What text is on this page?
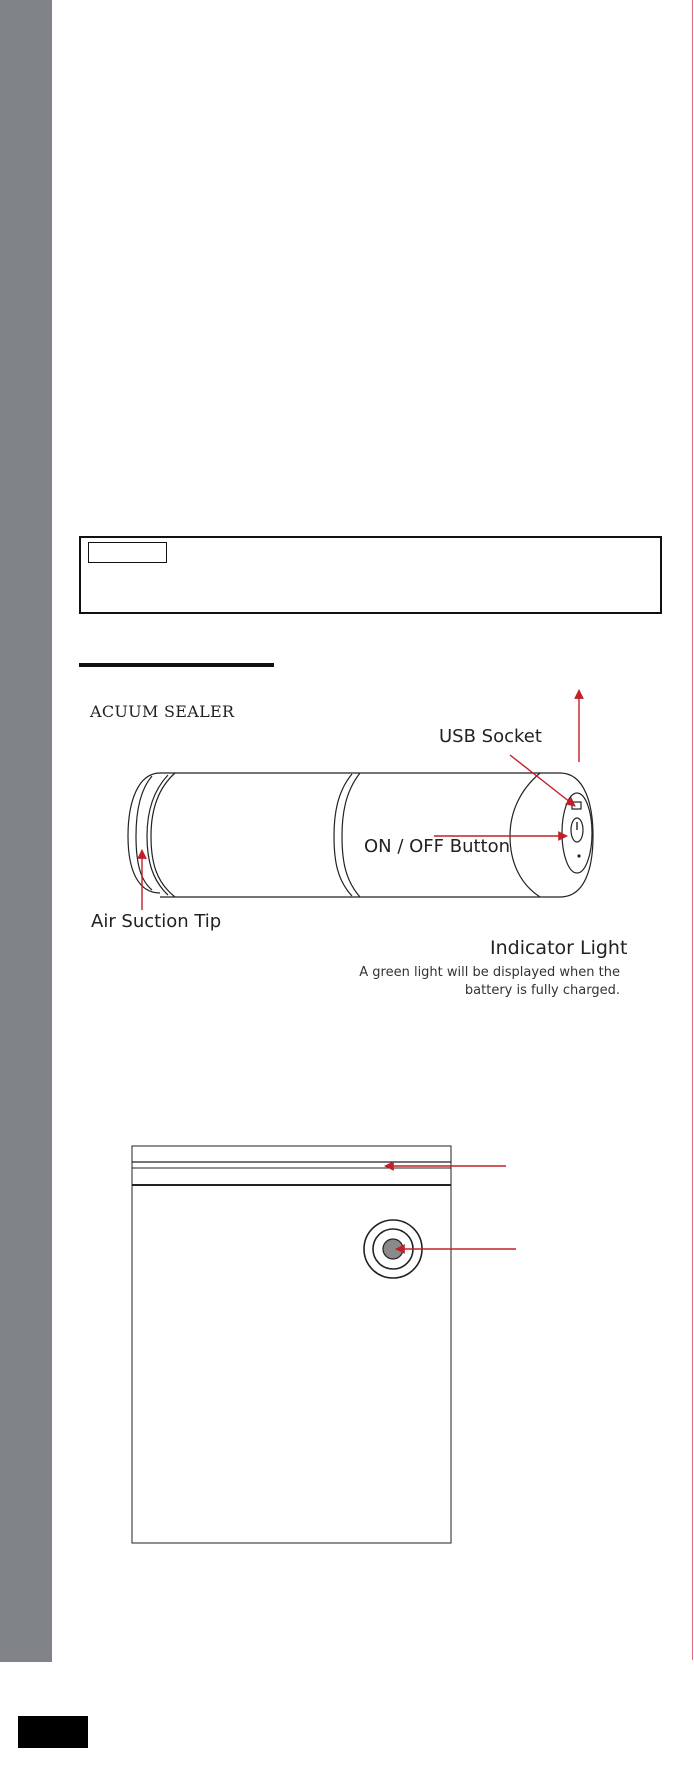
ACUUM SEALER
USB Socket
ON / OFF Button
Air Suction Tip
Indicator Light
A green light will be displayed when the battery is fully charged.
